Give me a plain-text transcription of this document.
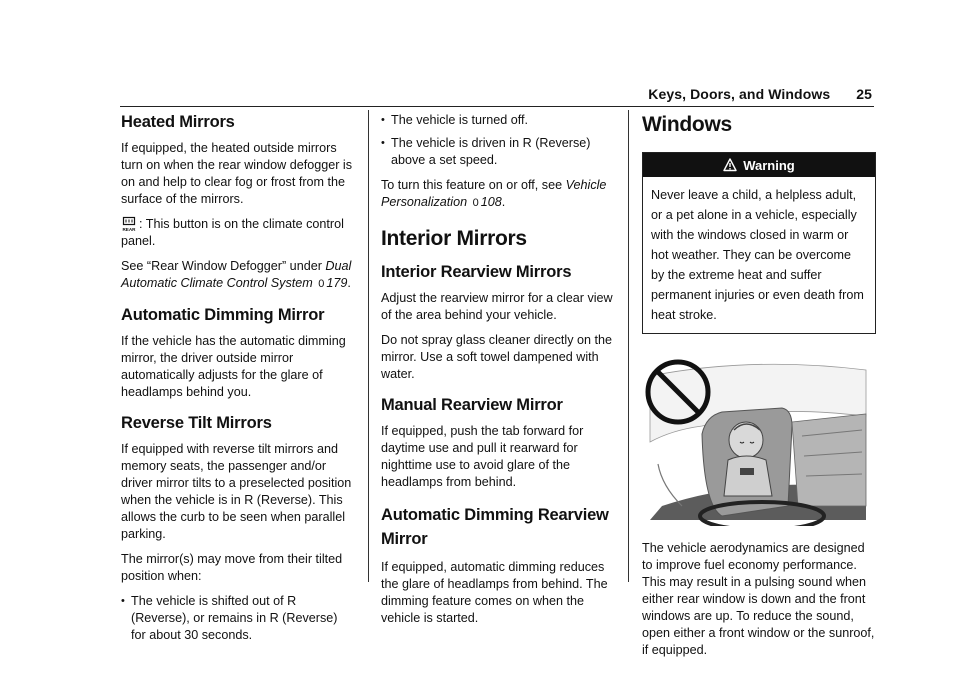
Keys, Doors, and Windows 25
Heated Mirrors

If equipped, the heated outside mirrors turn on when the rear window defogger is on and help to clear fog or frost from the surface of the mirrors.

REAR : This button is on the climate control panel.

See “Rear Window Defogger” under Dual Automatic Climate Control System 0 179.

Automatic Dimming Mirror

If the vehicle has the automatic dimming mirror, the driver outside mirror automatically adjusts for the glare of headlamps behind you.

Reverse Tilt Mirrors

If equipped with reverse tilt mirrors and memory seats, the passenger and/or driver mirror tilts to a preselected position when the vehicle is in R (Reverse). This allows the curb to be seen when parallel parking.

The mirror(s) may move from their tilted position when:

• The vehicle is shifted out of R (Reverse), or remains in R (Reverse) for about 30 seconds.
• The vehicle is turned off.
• The vehicle is driven in R (Reverse) above a set speed.

To turn this feature on or off, see Vehicle Personalization 0 108.

Interior Mirrors
Interior Rearview Mirrors

Adjust the rearview mirror for a clear view of the area behind your vehicle.

Do not spray glass cleaner directly on the mirror. Use a soft towel dampened with water.

Manual Rearview Mirror

If equipped, push the tab forward for daytime use and pull it rearward for nighttime use to avoid glare of the headlamps from behind.

Automatic Dimming Rearview Mirror

If equipped, automatic dimming reduces the glare of headlamps from behind. The dimming feature comes on when the vehicle is started.

Windows
Warning
Never leave a child, a helpless adult, or a pet alone in a vehicle, especially with the windows closed in warm or hot weather. They can be overcome by the extreme heat and suffer permanent injuries or even death from heat stroke.

The vehicle aerodynamics are designed to improve fuel economy performance. This may result in a pulsing sound when either rear window is down and the front windows are up. To reduce the sound, open either a front window or the sunroof, if equipped.
